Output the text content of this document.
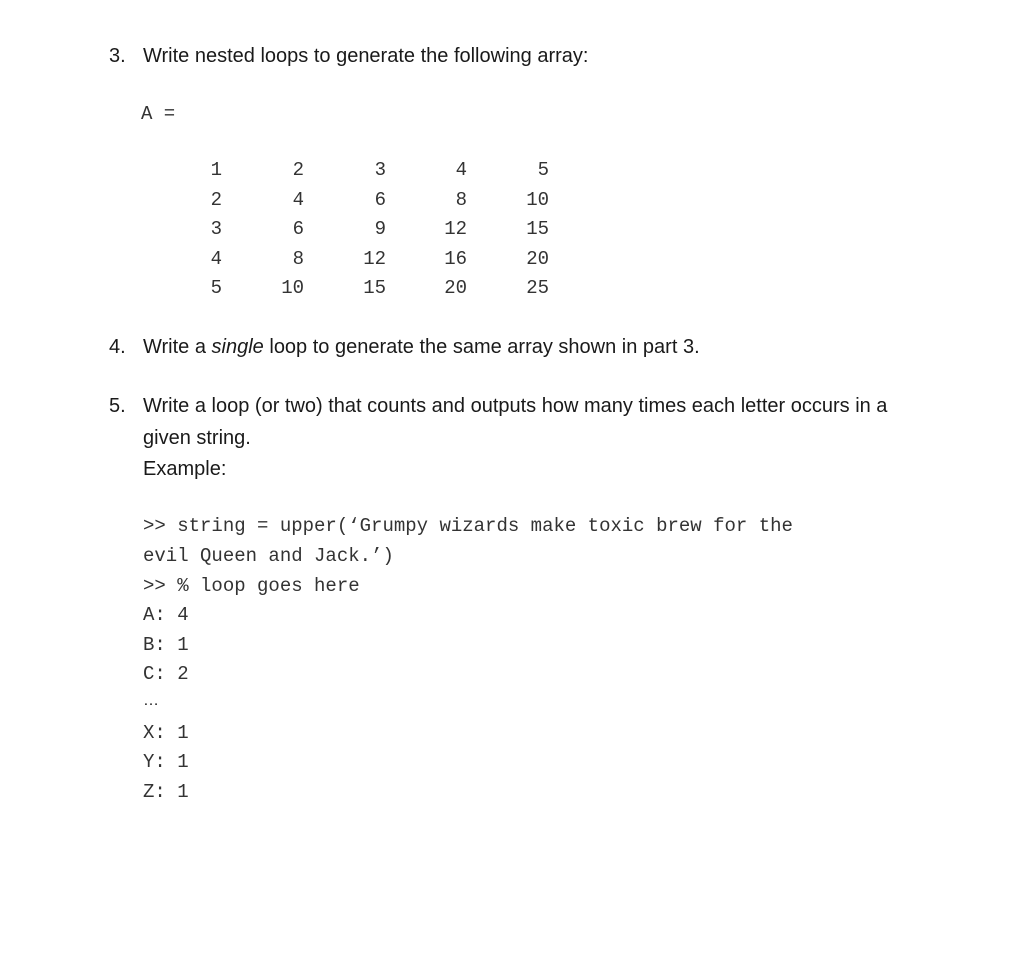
3. Write nested loops to generate the following array:
A =
1	2	3	4	5
2	4	6	8	10
3	6	9	12	15
4	8	12	16	20
5	10	15	20	25
4. Write a single loop to generate the same array shown in part 3.
5. Write a loop (or two) that counts and outputs how many times each letter occurs in a
given string.
Example:
>> string = upper(‘Grumpy wizards make toxic brew for the
evil Queen and Jack.’)
>> % loop goes here
A: 4
B: 1
C: 2
…
X: 1
Y: 1
Z: 1
